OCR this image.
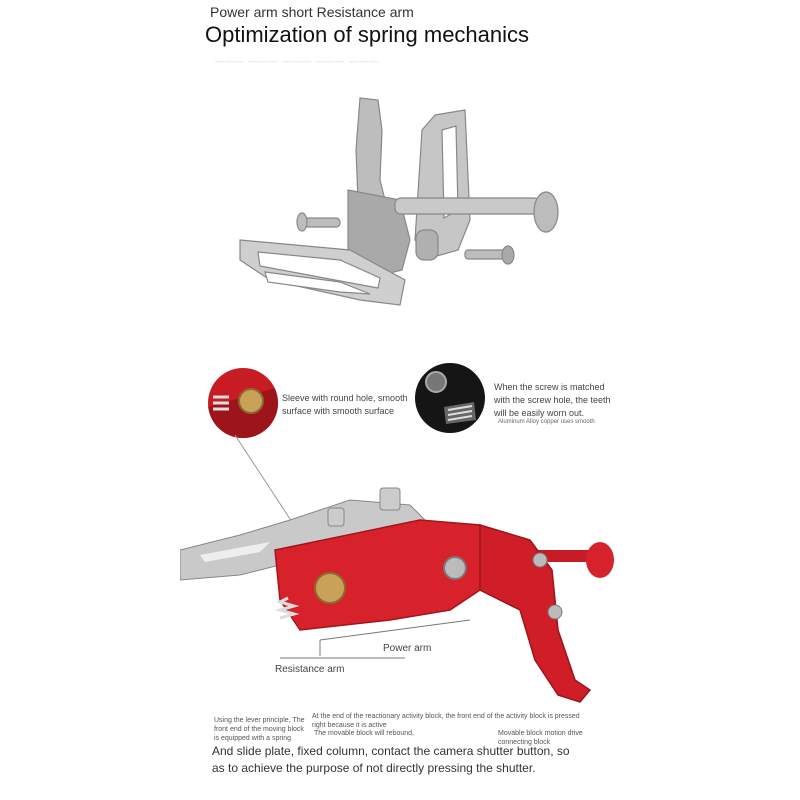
Power arm short Resistance arm
Optimization of spring mechanics
——— ——— ——— ——— ———
Sleeve with round hole, smooth surface with smooth surface
When the screw is matched with the screw hole, the teeth will be easily worn out.
Aluminum Alloy copper uses smooth
Power arm
Resistance arm
Using the lever principle, The front end of the moving block is equipped with a spring
At the end of the reactionary activity block, the front end of the activity block is pressed right because it is active
The movable block will rebound,	Movable block motion drive connecting block
And slide plate, fixed column, contact the camera shutter button, so
as to achieve the purpose of not directly pressing the shutter.
